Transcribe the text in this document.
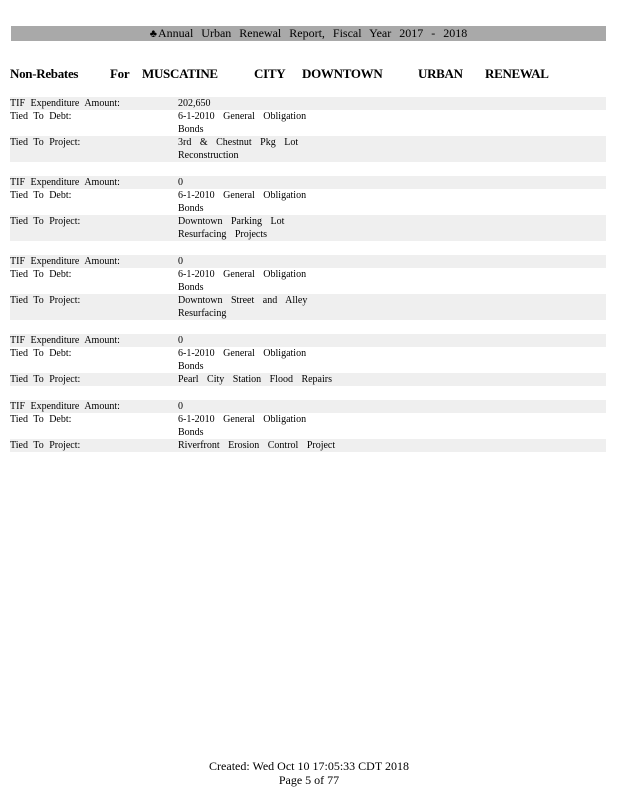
♣Annual Urban Renewal Report, Fiscal Year 2017 - 2018
Non-Rebates For MUSCATINE	CITY DOWNTOWN	URBAN RENEWAL
TIF Expenditure Amount:	202,650
Tied To Debt:	6-1-2010 General Obligation Bonds
Tied To Project:	3rd & Chestnut Pkg Lot Reconstruction
TIF Expenditure Amount:	0
Tied To Debt:	6-1-2010 General Obligation Bonds
Tied To Project:	Downtown Parking Lot Resurfacing Projects
TIF Expenditure Amount:	0
Tied To Debt:	6-1-2010 General Obligation Bonds
Tied To Project:	Downtown Street and Alley Resurfacing
TIF Expenditure Amount:	0
Tied To Debt:	6-1-2010 General Obligation Bonds
Tied To Project:	Pearl City Station Flood Repairs
TIF Expenditure Amount:	0
Tied To Debt:	6-1-2010 General Obligation Bonds
Tied To Project:	Riverfront Erosion Control Project
Created: Wed Oct 10 17:05:33 CDT 2018
Page 5 of 77
